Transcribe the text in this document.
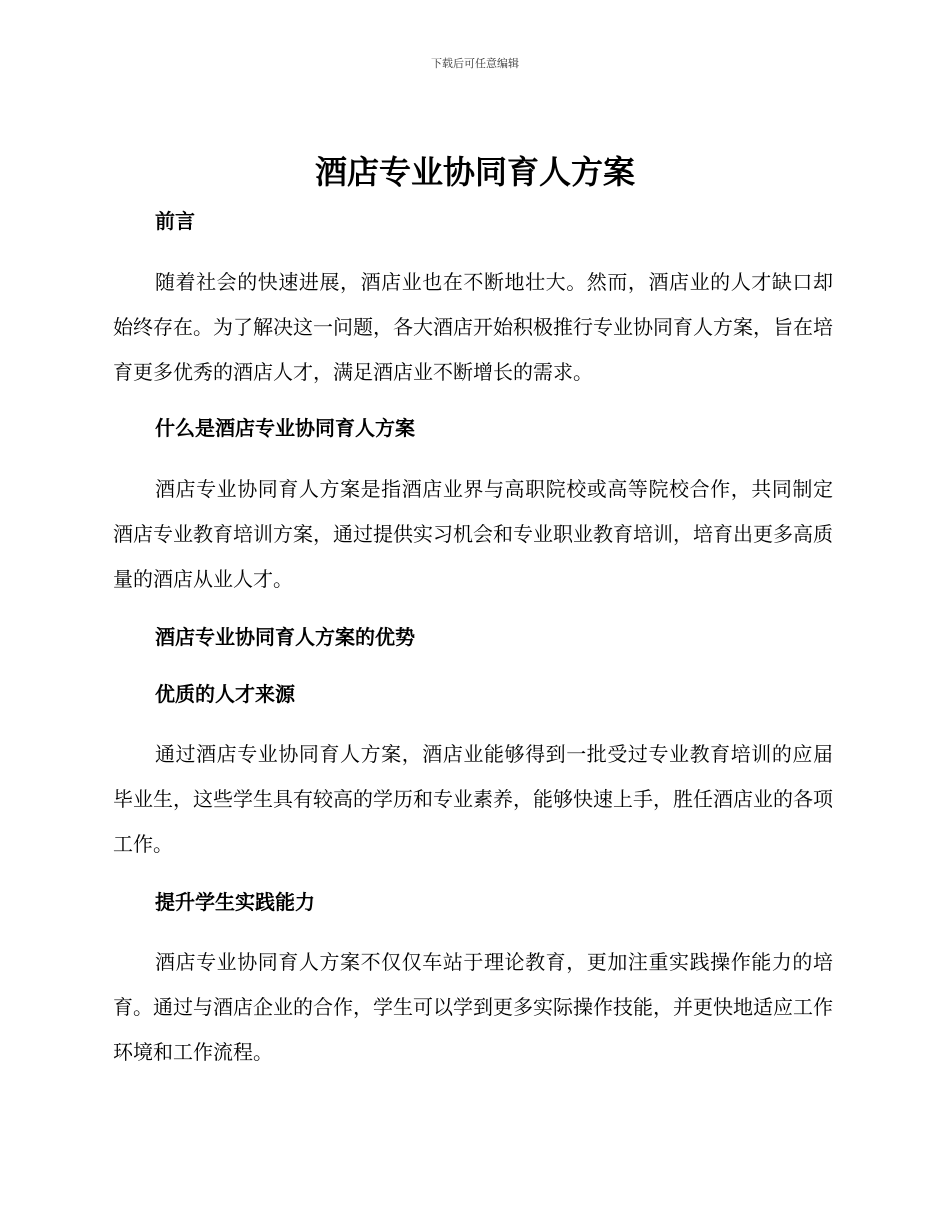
下载后可任意编辑
酒店专业协同育人方案

前言

随着社会的快速进展，酒店业也在不断地壮大。然而，酒店业的人才缺口却始终存在。为了解决这一问题，各大酒店开始积极推行专业协同育人方案，旨在培育更多优秀的酒店人才，满足酒店业不断增长的需求。

什么是酒店专业协同育人方案

酒店专业协同育人方案是指酒店业界与高职院校或高等院校合作，共同制定酒店专业教育培训方案，通过提供实习机会和专业职业教育培训，培育出更多高质量的酒店从业人才。

酒店专业协同育人方案的优势

优质的人才来源

通过酒店专业协同育人方案，酒店业能够得到一批受过专业教育培训的应届毕业生，这些学生具有较高的学历和专业素养，能够快速上手，胜任酒店业的各项工作。

提升学生实践能力

酒店专业协同育人方案不仅仅车站于理论教育，更加注重实践操作能力的培育。通过与酒店企业的合作，学生可以学到更多实际操作技能，并更快地适应工作环境和工作流程。
